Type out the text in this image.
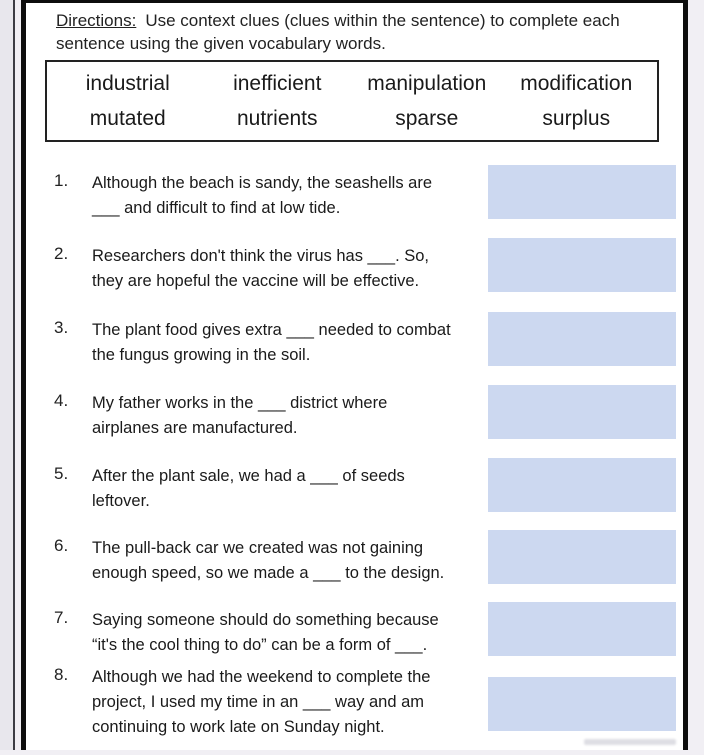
Directions: Use context clues (clues within the sentence) to complete each
sentence using the given vocabulary words.
industrial	inefficient	manipulation	modification
mutated	nutrients	sparse	surplus
1. Although the beach is sandy, the seashells are
___ and difficult to find at low tide.
2. Researchers don't think the virus has ___. So,
they are hopeful the vaccine will be effective.
3. The plant food gives extra ___ needed to combat
the fungus growing in the soil.
4. My father works in the ___ district where
airplanes are manufactured.
5. After the plant sale, we had a ___ of seeds
leftover.
6. The pull-back car we created was not gaining
enough speed, so we made a ___ to the design.
7. Saying someone should do something because
“it's the cool thing to do” can be a form of ___.
8. Although we had the weekend to complete the
project, I used my time in an ___ way and am
continuing to work late on Sunday night.
